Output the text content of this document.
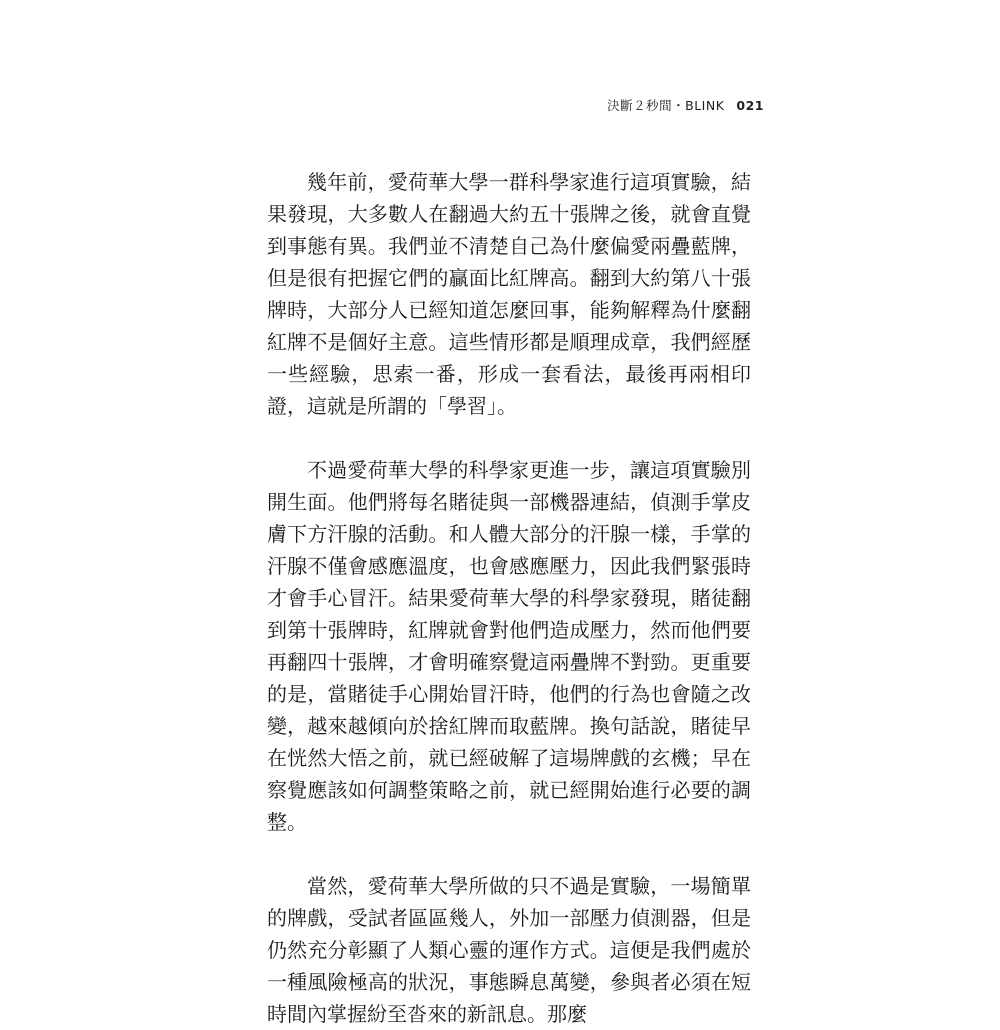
決斷２秒間・BLINK 021

幾年前，愛荷華大學一群科學家進行這項實驗，結果發現，大多數人在翻過大約五十張牌之後，就會直覺到事態有異。我們並不清楚自己為什麼偏愛兩疊藍牌，但是很有把握它們的贏面比紅牌高。翻到大約第八十張牌時，大部分人已經知道怎麼回事，能夠解釋為什麼翻紅牌不是個好主意。這些情形都是順理成章，我們經歷一些經驗，思索一番，形成一套看法，最後再兩相印證，這就是所謂的「學習」。

不過愛荷華大學的科學家更進一步，讓這項實驗別開生面。他們將每名賭徒與一部機器連結，偵測手掌皮膚下方汗腺的活動。和人體大部分的汗腺一樣，手掌的汗腺不僅會感應溫度，也會感應壓力，因此我們緊張時才會手心冒汗。結果愛荷華大學的科學家發現，賭徒翻到第十張牌時，紅牌就會對他們造成壓力，然而他們要再翻四十張牌，才會明確察覺這兩疊牌不對勁。更重要的是，當賭徒手心開始冒汗時，他們的行為也會隨之改變，越來越傾向於捨紅牌而取藍牌。換句話說，賭徒早在恍然大悟之前，就已經破解了這場牌戲的玄機；早在察覺應該如何調整策略之前，就已經開始進行必要的調整。

當然，愛荷華大學所做的只不過是實驗，一場簡單的牌戲，受試者區區幾人，外加一部壓力偵測器，但是仍然充分彰顯了人類心靈的運作方式。這便是我們處於一種風險極高的狀況，事態瞬息萬變，參與者必須在短時間內掌握紛至沓來的新訊息。那麼
